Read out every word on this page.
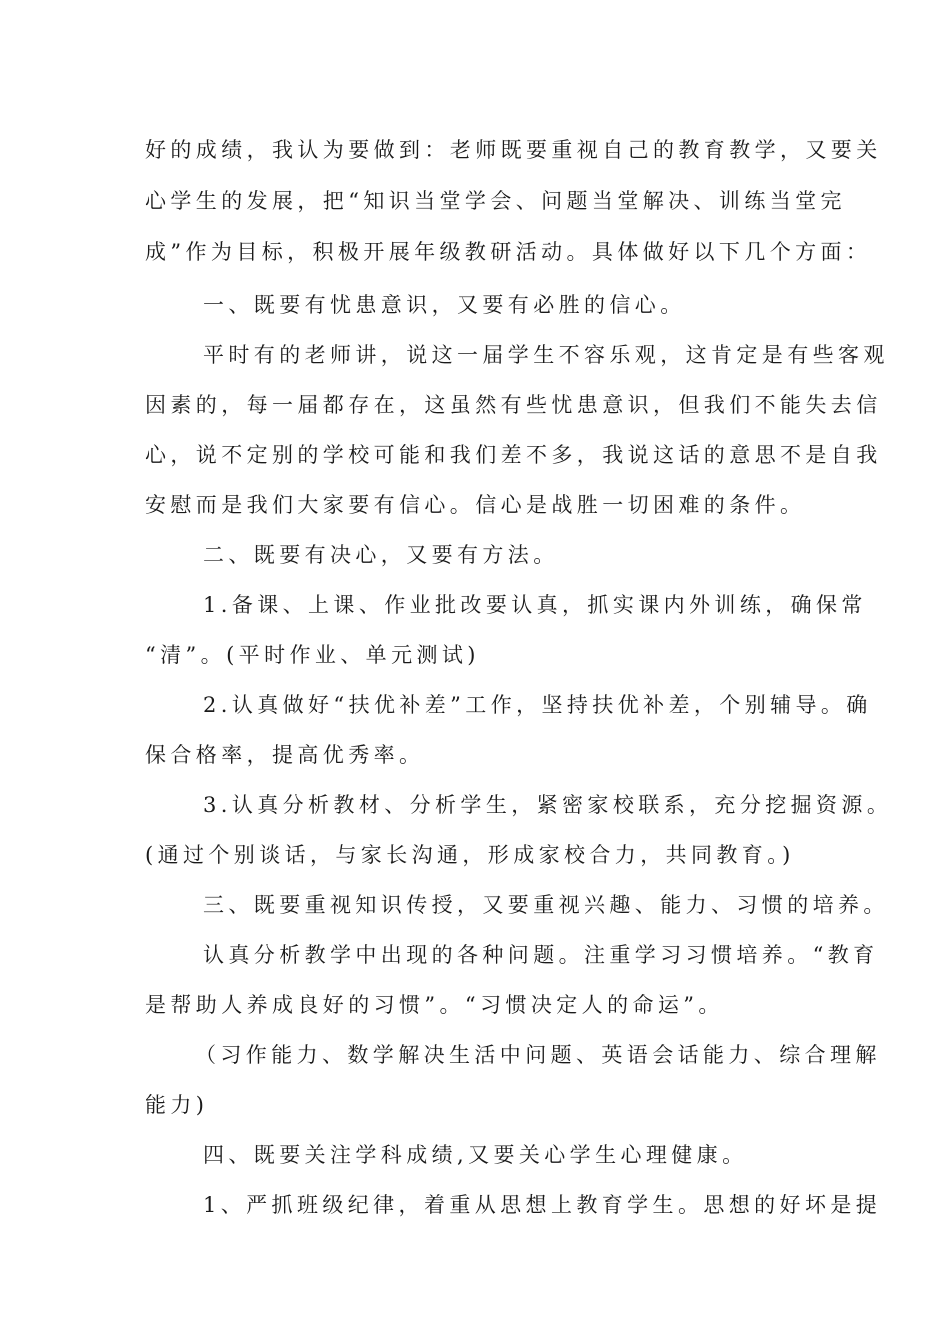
好的成绩，我认为要做到：老师既要重视自己的教育教学，又要关
心学生的发展，把“知识当堂学会、问题当堂解决、训练当堂完
成”作为目标，积极开展年级教研活动。具体做好以下几个方面：
一、既要有忧患意识，又要有必胜的信心。
平时有的老师讲，说这一届学生不容乐观，这肯定是有些客观
因素的，每一届都存在，这虽然有些忧患意识，但我们不能失去信
心，说不定别的学校可能和我们差不多，我说这话的意思不是自我
安慰而是我们大家要有信心。信心是战胜一切困难的条件。
二、既要有决心，又要有方法。
1.备课、上课、作业批改要认真，抓实课内外训练，确保常
“清”。(平时作业、单元测试)
2.认真做好“扶优补差”工作，坚持扶优补差，个别辅导。确
保合格率，提高优秀率。
3.认真分析教材、分析学生，紧密家校联系，充分挖掘资源。
(通过个别谈话，与家长沟通，形成家校合力，共同教育。)
三、既要重视知识传授，又要重视兴趣、能力、习惯的培养。
认真分析教学中出现的各种问题。注重学习习惯培养。“教育
是帮助人养成良好的习惯”。“习惯决定人的命运”。
（习作能力、数学解决生活中问题、英语会话能力、综合理解
能力)
四、既要关注学科成绩,又要关心学生心理健康。
1、严抓班级纪律，着重从思想上教育学生。思想的好坏是提
